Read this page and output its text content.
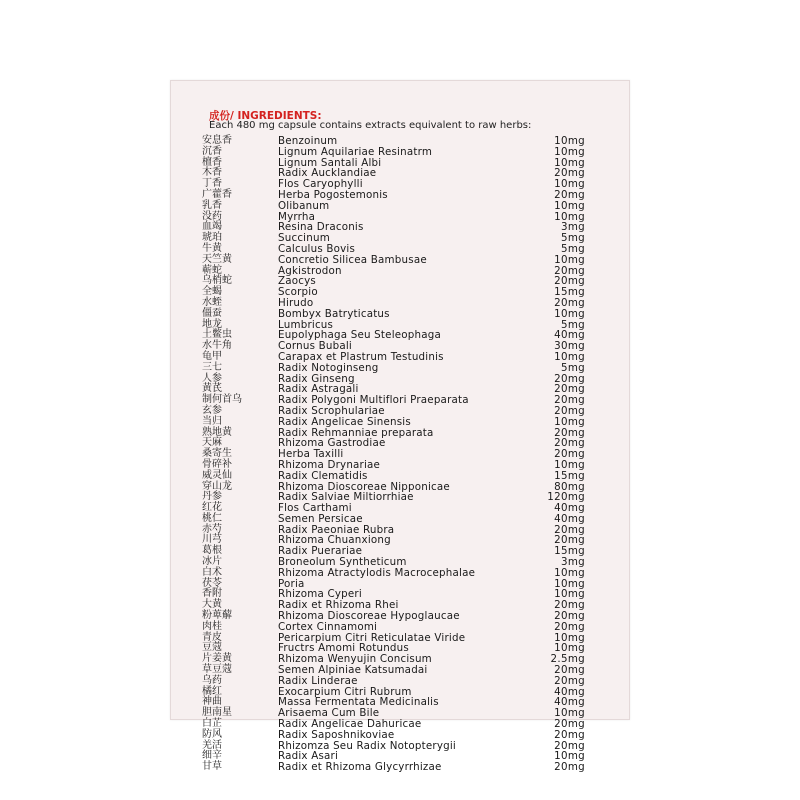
成份/ INGREDIENTS:
Each 480 mg capsule contains extracts equivalent to raw herbs:
安息香	Benzoinum	10mg
沉香	Lignum Aquilariae Resinatrm	10mg
檀香	Lignum Santali Albi	10mg
木香	Radix Aucklandiae	20mg
丁香	Flos Caryophylli	10mg
广藿香	Herba Pogostemonis	20mg
乳香	Olibanum	10mg
没药	Myrrha	10mg
血竭	Resina Draconis	3mg
琥珀	Succinum	5mg
牛黄	Calculus Bovis	5mg
天竺黄	Concretio Silicea Bambusae	10mg
蕲蛇	Agkistrodon	20mg
乌梢蛇	Zaocys	20mg
全蝎	Scorpio	15mg
水蛭	Hirudo	20mg
僵蚕	Bombyx Batryticatus	10mg
地龙	Lumbricus	5mg
土鳖虫	Eupolyphaga Seu Steleophaga	40mg
水牛角	Cornus Bubali	30mg
龟甲	Carapax et Plastrum Testudinis	10mg
三七	Radix Notoginseng	5mg
人参	Radix Ginseng	20mg
黄芪	Radix Astragali	20mg
制何首乌	Radix Polygoni Multiflori Praeparata	20mg
玄参	Radix Scrophulariae	20mg
当归	Radix Angelicae Sinensis	10mg
熟地黄	Radix Rehmanniae preparata	20mg
天麻	Rhizoma Gastrodiae	20mg
桑寄生	Herba Taxilli	20mg
骨碎补	Rhizoma Drynariae	10mg
威灵仙	Radix Clematidis	15mg
穿山龙	Rhizoma Dioscoreae Nipponicae	80mg
丹参	Radix Salviae Miltiorrhiae	120mg
红花	Flos Carthami	40mg
桃仁	Semen Persicae	40mg
赤芍	Radix Paeoniae Rubra	20mg
川芎	Rhizoma Chuanxiong	20mg
葛根	Radix Puerariae	15mg
冰片	Broneolum Syntheticum	3mg
白术	Rhizoma Atractylodis Macrocephalae	10mg
茯苓	Poria	10mg
香附	Rhizoma Cyperi	10mg
大黄	Radix et Rhizoma Rhei	20mg
粉萆薢	Rhizoma Dioscoreae Hypoglaucae	20mg
肉桂	Cortex Cinnamomi	20mg
青皮	Pericarpium Citri Reticulatae Viride	10mg
豆蔻	Fructrs Amomi Rotundus	10mg
片姜黄	Rhizoma Wenyujin Concisum	2.5mg
草豆蔻	Semen Alpiniae Katsumadai	20mg
乌药	Radix Linderae	20mg
橘红	Exocarpium Citri Rubrum	40mg
神曲	Massa Fermentata Medicinalis	40mg
胆南星	Arisaema Cum Bile	10mg
白芷	Radix Angelicae Dahuricae	20mg
防风	Radix Saposhnikoviae	20mg
羌活	Rhizomza Seu Radix Notopterygii	20mg
细辛	Radix Asari	10mg
甘草	Radix et Rhizoma Glycyrrhizae	20mg
